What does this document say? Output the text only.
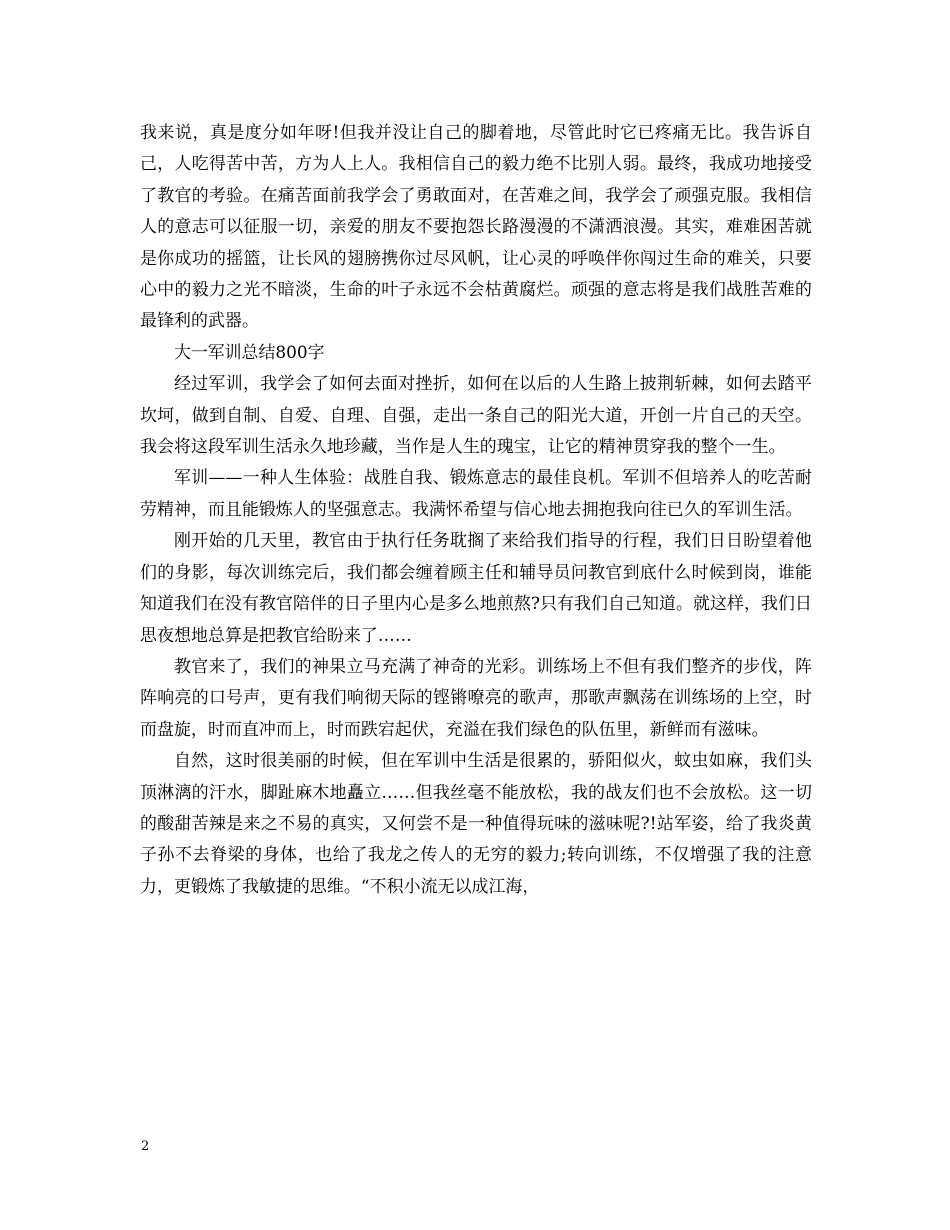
我来说，真是度分如年呀!但我并没让自己的脚着地，尽管此时它已疼痛无比。我告诉自己，人吃得苦中苦，方为人上人。我相信自己的毅力绝不比别人弱。最终，我成功地接受了教官的考验。在痛苦面前我学会了勇敢面对，在苦难之间，我学会了顽强克服。我相信人的意志可以征服一切，亲爱的朋友不要抱怨长路漫漫的不潇洒浪漫。其实，难难困苦就是你成功的摇篮，让长风的翅膀携你过尽风帆，让心灵的呼唤伴你闯过生命的难关，只要心中的毅力之光不暗淡，生命的叶子永远不会枯黄腐烂。顽强的意志将是我们战胜苦难的最锋利的武器。

大一军训总结800字

经过军训，我学会了如何去面对挫折，如何在以后的人生路上披荆斩棘，如何去踏平坎坷，做到自制、自爱、自理、自强，走出一条自己的阳光大道，开创一片自己的天空。我会将这段军训生活永久地珍藏，当作是人生的瑰宝，让它的精神贯穿我的整个一生。

军训——一种人生体验：战胜自我、锻炼意志的最佳良机。军训不但培养人的吃苦耐劳精神，而且能锻炼人的坚强意志。我满怀希望与信心地去拥抱我向往已久的军训生活。

刚开始的几天里，教官由于执行任务耽搁了来给我们指导的行程，我们日日盼望着他们的身影，每次训练完后，我们都会缠着顾主任和辅导员问教官到底什么时候到岗，谁能知道我们在没有教官陪伴的日子里内心是多么地煎熬?只有我们自己知道。就这样，我们日思夜想地总算是把教官给盼来了……

教官来了，我们的神果立马充满了神奇的光彩。训练场上不但有我们整齐的步伐，阵阵响亮的口号声，更有我们响彻天际的铿锵嘹亮的歌声，那歌声飘荡在训练场的上空，时而盘旋，时而直冲而上，时而跌宕起伏，充溢在我们绿色的队伍里，新鲜而有滋味。

自然，这时很美丽的时候，但在军训中生活是很累的，骄阳似火，蚊虫如麻，我们头顶淋漓的汗水，脚趾麻木地矗立……但我丝毫不能放松，我的战友们也不会放松。这一切的酸甜苦辣是来之不易的真实，又何尝不是一种值得玩味的滋味呢?!站军姿，给了我炎黄子孙不去脊梁的身体，也给了我龙之传人的无穷的毅力;转向训练，不仅增强了我的注意力，更锻炼了我敏捷的思维。“不积小流无以成江海，

2
